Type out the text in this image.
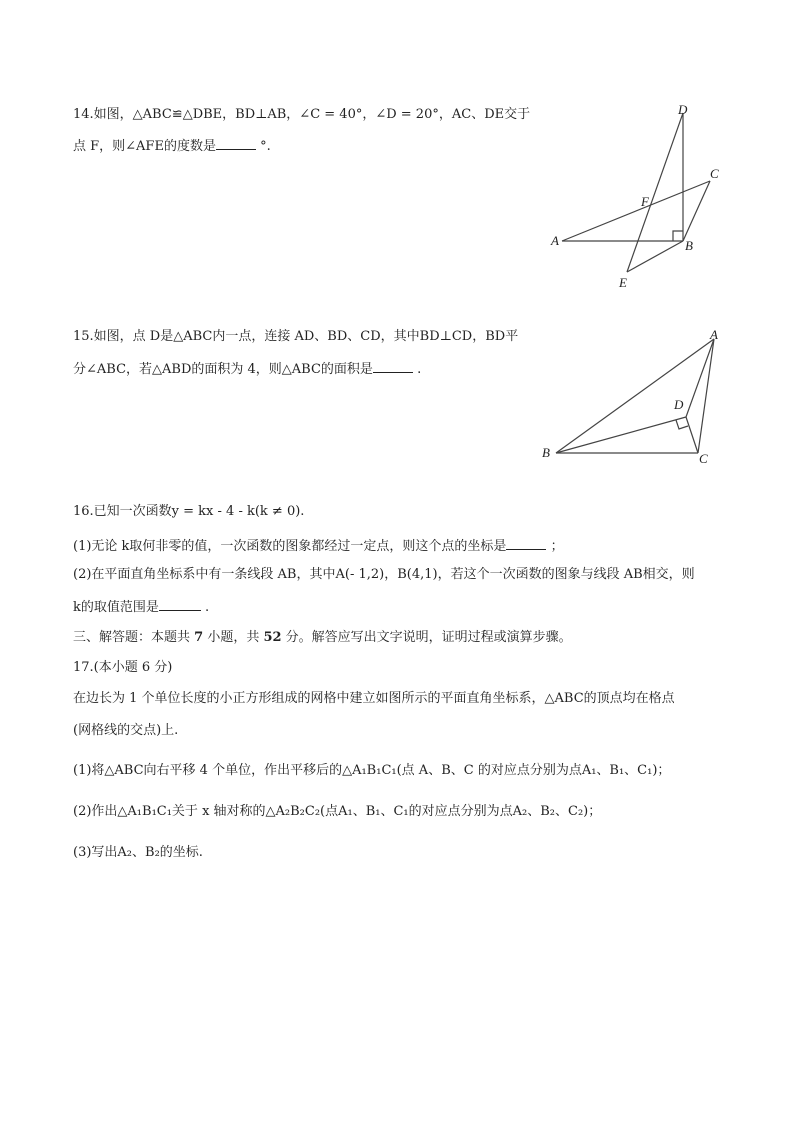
14.如图，△ABC≌△DBE，BD⊥AB，∠C = 40°，∠D = 20°，AC、DE交于
点 F，则∠AFE的度数是	°.
D
C
F
A	B
E
15.如图，点 D是△ABC内一点，连接 AD、BD、CD，其中BD⊥CD，BD平
分∠ABC，若△ABD的面积为 4，则△ABC的面积是	.
A
D
B	C
16.已知一次函数y = kx - 4 - k(k ≠ 0).
(1)无论 k取何非零的值，一次函数的图象都经过一定点，则这个点的坐标是	；
(2)在平面直角坐标系中有一条线段 AB，其中A(- 1,2)，B(4,1)，若这个一次函数的图象与线段 AB相交，则
k的取值范围是	.
三、解答题：本题共 7 小题，共 52 分。解答应写出文字说明，证明过程或演算步骤。
17.(本小题 6 分)
在边长为 1 个单位长度的小正方形组成的网格中建立如图所示的平面直角坐标系，△ABC的顶点均在格点
(网格线的交点)上.
(1)将△ABC向右平移 4 个单位，作出平移后的△A₁B₁C₁(点 A、B、C 的对应点分别为点A₁、B₁、C₁)；
(2)作出△A₁B₁C₁关于 x 轴对称的△A₂B₂C₂(点A₁、B₁、C₁的对应点分别为点A₂、B₂、C₂)；
(3)写出A₂、B₂的坐标.
